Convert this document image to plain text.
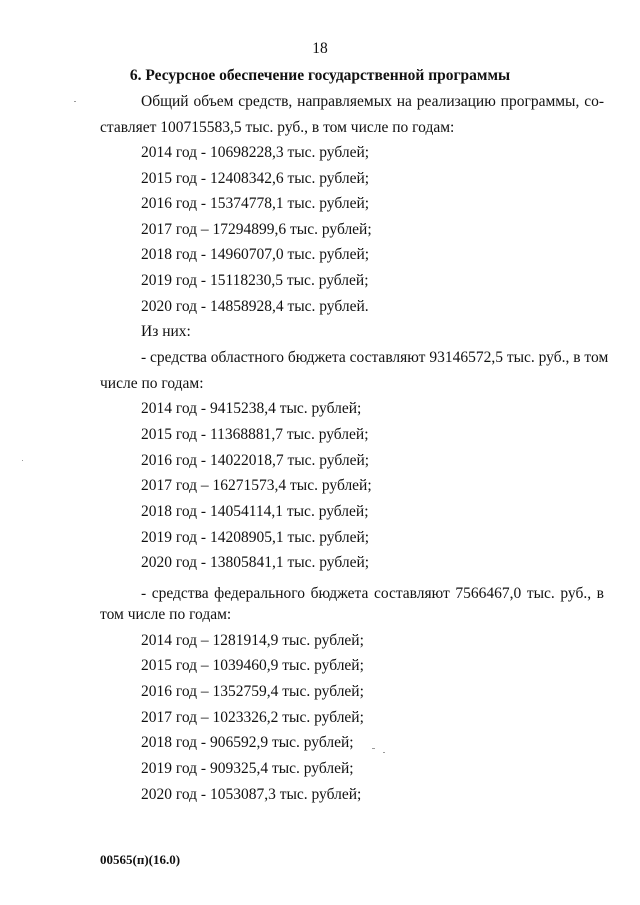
18
6. Ресурсное обеспечение государственной программы
Общий объем средств, направляемых на реализацию программы, со-
ставляет 100715583,5 тыс. руб., в том числе по годам:
2014 год - 10698228,3 тыс. рублей;
2015 год - 12408342,6 тыс. рублей;
2016 год - 15374778,1 тыс. рублей;
2017 год – 17294899,6 тыс. рублей;
2018 год - 14960707,0 тыс. рублей;
2019 год - 15118230,5 тыс. рублей;
2020 год - 14858928,4 тыс. рублей.
Из них:
- средства областного бюджета составляют 93146572,5 тыс. руб., в том
числе по годам:
2014 год - 9415238,4 тыс. рублей;
2015 год - 11368881,7 тыс. рублей;
2016 год - 14022018,7 тыс. рублей;
2017 год – 16271573,4 тыс. рублей;
2018 год - 14054114,1 тыс. рублей;
2019 год - 14208905,1 тыс. рублей;
2020 год - 13805841,1 тыс. рублей;
- средства федерального бюджета составляют 7566467,0 тыс. руб., в
том числе по годам:
2014 год – 1281914,9 тыс. рублей;
2015 год – 1039460,9 тыс. рублей;
2016 год – 1352759,4 тыс. рублей;
2017 год – 1023326,2 тыс. рублей;
2018 год - 906592,9 тыс. рублей;
2019 год - 909325,4 тыс. рублей;
2020 год - 1053087,3 тыс. рублей;
00565(п)(16.0)
